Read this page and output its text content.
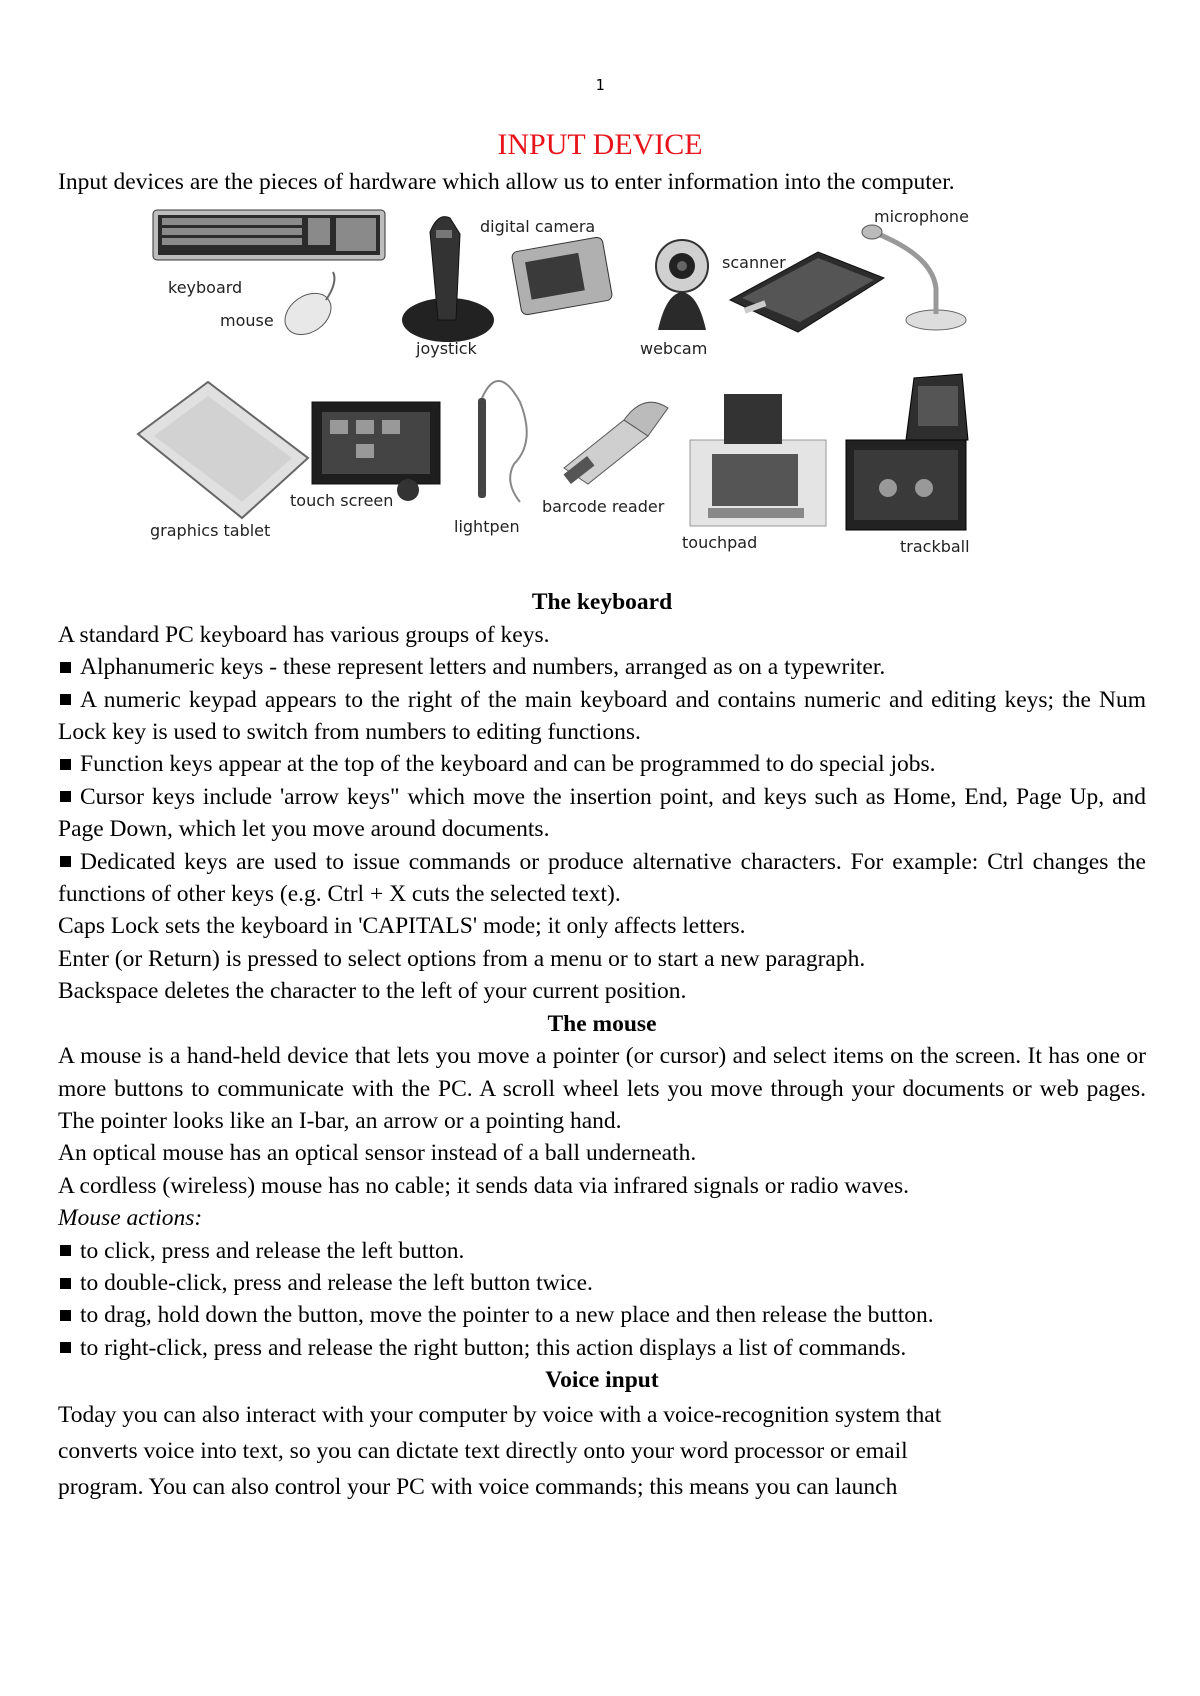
1
INPUT DEVICE

Input devices are the pieces of hardware which allow us to enter information into the computer.

keyboard
mouse
joystick
digital camera
webcam
scanner
microphone
graphics tablet
touch screen
lightpen
barcode reader
touchpad	trackball

The keyboard

A standard PC keyboard has various groups of keys.

Alphanumeric keys - these represent letters and numbers, arranged as on a typewriter.

A numeric keypad appears to the right of the main keyboard and contains numeric and editing keys; the Num Lock key is used to switch from numbers to editing functions.

Function keys appear at the top of the keyboard and can be programmed to do special jobs.

Cursor keys include 'arrow keys" which move the insertion point, and keys such as Home, End, Page Up, and Page Down, which let you move around documents.

Dedicated keys are used to issue commands or produce alternative characters. For example: Ctrl changes the functions of other keys (e.g. Ctrl + X cuts the selected text).

Caps Lock sets the keyboard in 'CAPITALS' mode; it only affects letters.

Enter (or Return) is pressed to select options from a menu or to start a new paragraph.

Backspace deletes the character to the left of your current position.

The mouse

A mouse is a hand-held device that lets you move a pointer (or cursor) and select items on the screen. It has one or more buttons to communicate with the PC. A scroll wheel lets you move through your documents or web pages. The pointer looks like an I-bar, an arrow or a pointing hand.

An optical mouse has an optical sensor instead of a ball underneath.

A cordless (wireless) mouse has no cable; it sends data via infrared signals or radio waves.

Mouse actions:

to click, press and release the left button.

to double-click, press and release the left button twice.

to drag, hold down the button, move the pointer to a new place and then release the button.

to right-click, press and release the right button; this action displays a list of commands.

Voice input

Today you can also interact with your computer by voice with a voice-recognition system that

converts voice into text, so you can dictate text directly onto your word processor or email

program. You can also control your PC with voice commands; this means you can launch
